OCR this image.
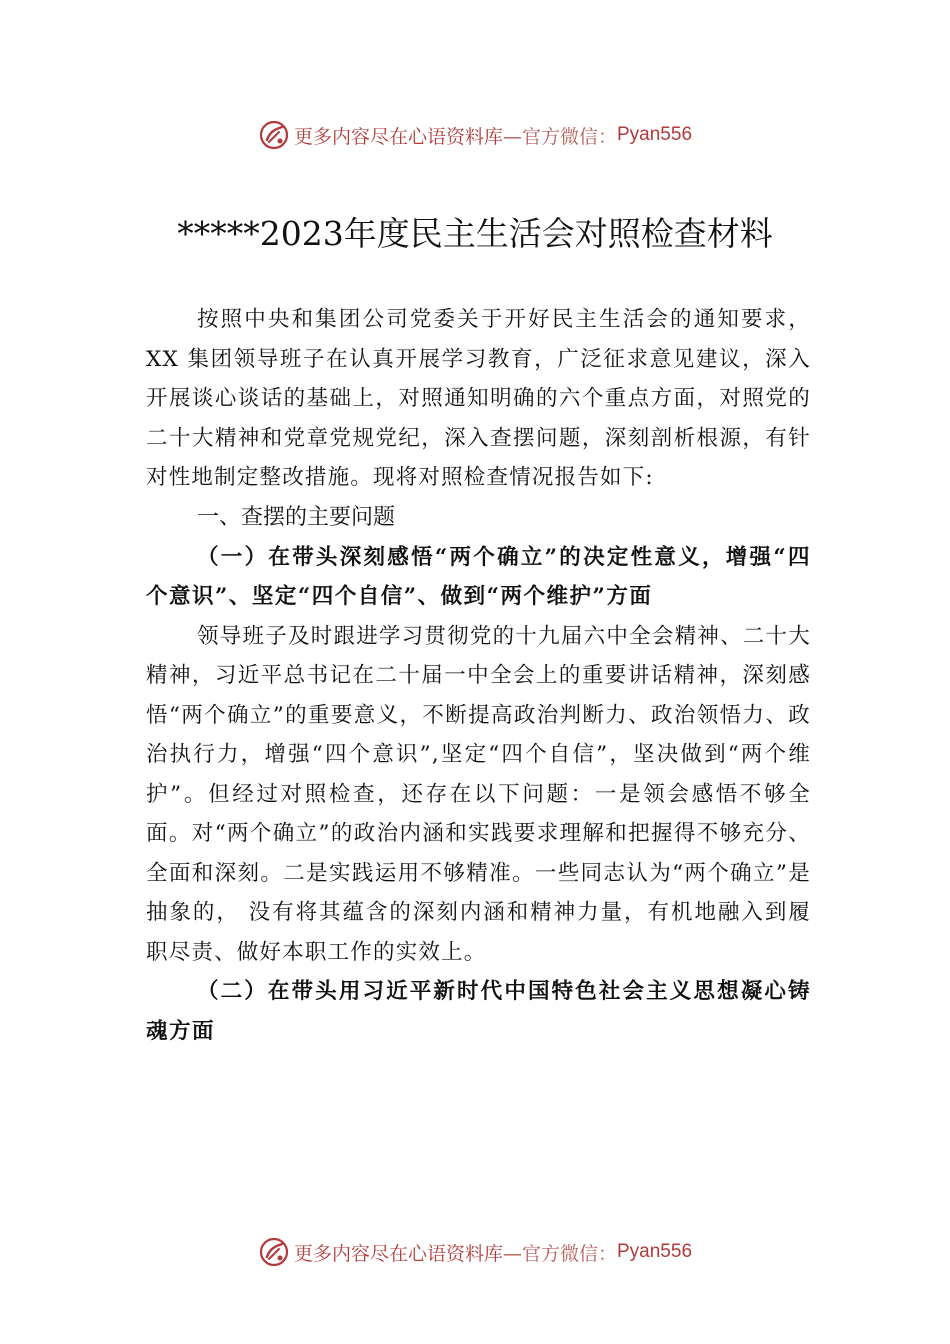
更多内容尽在心语资料库 —官方微信： Pyan556
*****2023年度民主生活会对照检查材料

按照中央和集团公司党委关于开好民主生活会的通知要求，XX 集团领导班子在认真开展学习教育，广泛征求意见建议，深入开展谈心谈话的基础上，对照通知明确的六个重点方面，对照党的二十大精神和党章党规党纪，深入查摆问题，深刻剖析根源，有针对性地制定整改措施。现将对照检查情况报告如下:

一、查摆的主要问题

（一）在带头深刻感悟“两个确立”的决定性意义，增强“四个意识”、坚定“四个自信”、做到“两个维护”方面

领导班子及时跟进学习贯彻党的十九届六中全会精神、二十大精神，习近平总书记在二十届一中全会上的重要讲话精神，深刻感悟“两个确立”的重要意义，不断提高政治判断力、政治领悟力、政治执行力，增强“四个意识”,坚定“四个自信”，坚决做到“两个维护”。但经过对照检查，还存在以下问题：一是领会感悟不够全面。对“两个确立”的政治内涵和实践要求理解和把握得不够充分、全面和深刻。二是实践运用不够精准。一些同志认为“两个确立”是抽象的， 没有将其蕴含的深刻内涵和精神力量，有机地融入到履职尽责、做好本职工作的实效上。

（二）在带头用习近平新时代中国特色社会主义思想凝心铸魂方面

更多内容尽在心语资料库 —官方微信： Pyan556
